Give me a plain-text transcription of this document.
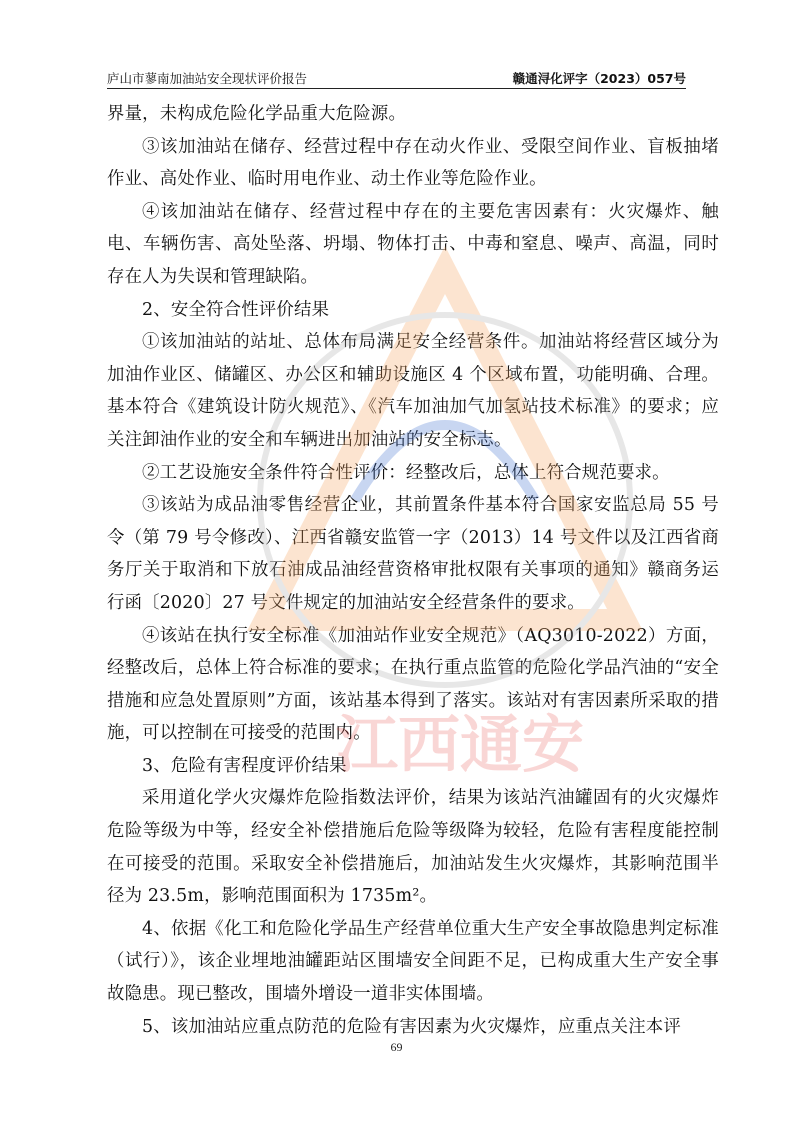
庐山市蓼南加油站安全现状评价报告	赣通浔化评字（2023）057号

界量，未构成危险化学品重大危险源。

③该加油站在储存、经营过程中存在动火作业、受限空间作业、盲板抽堵作业、高处作业、临时用电作业、动土作业等危险作业。

④该加油站在储存、经营过程中存在的主要危害因素有：火灾爆炸、触电、车辆伤害、高处坠落、坍塌、物体打击、中毒和窒息、噪声、高温，同时存在人为失误和管理缺陷。

2、安全符合性评价结果

①该加油站的站址、总体布局满足安全经营条件。加油站将经营区域分为加油作业区、储罐区、办公区和辅助设施区 4 个区域布置，功能明确、合理。基本符合《建筑设计防火规范》、《汽车加油加气加氢站技术标准》的要求；应关注卸油作业的安全和车辆进出加油站的安全标志。

②工艺设施安全条件符合性评价：经整改后，总体上符合规范要求。

③该站为成品油零售经营企业，其前置条件基本符合国家安监总局 55 号令（第 79 号令修改）、江西省赣安监管一字（2013）14 号文件以及江西省商务厅关于取消和下放石油成品油经营资格审批权限有关事项的通知》赣商务运行函〔2020〕27 号文件规定的加油站安全经营条件的要求。

④该站在执行安全标准《加油站作业安全规范》（AQ3010-2022）方面，经整改后，总体上符合标准的要求；在执行重点监管的危险化学品汽油的“安全措施和应急处置原则”方面，该站基本得到了落实。该站对有害因素所采取的措施，可以控制在可接受的范围内。

3、危险有害程度评价结果

采用道化学火灾爆炸危险指数法评价，结果为该站汽油罐固有的火灾爆炸危险等级为中等，经安全补偿措施后危险等级降为较轻，危险有害程度能控制在可接受的范围。采取安全补偿措施后，加油站发生火灾爆炸，其影响范围半径为 23.5m，影响范围面积为 1735m²。

4、依据《化工和危险化学品生产经营单位重大生产安全事故隐患判定标准（试行）》，该企业埋地油罐距站区围墙安全间距不足，已构成重大生产安全事故隐患。现已整改，围墙外增设一道非实体围墙。

5、该加油站应重点防范的危险有害因素为火灾爆炸，应重点关注本评

江西通安
69
